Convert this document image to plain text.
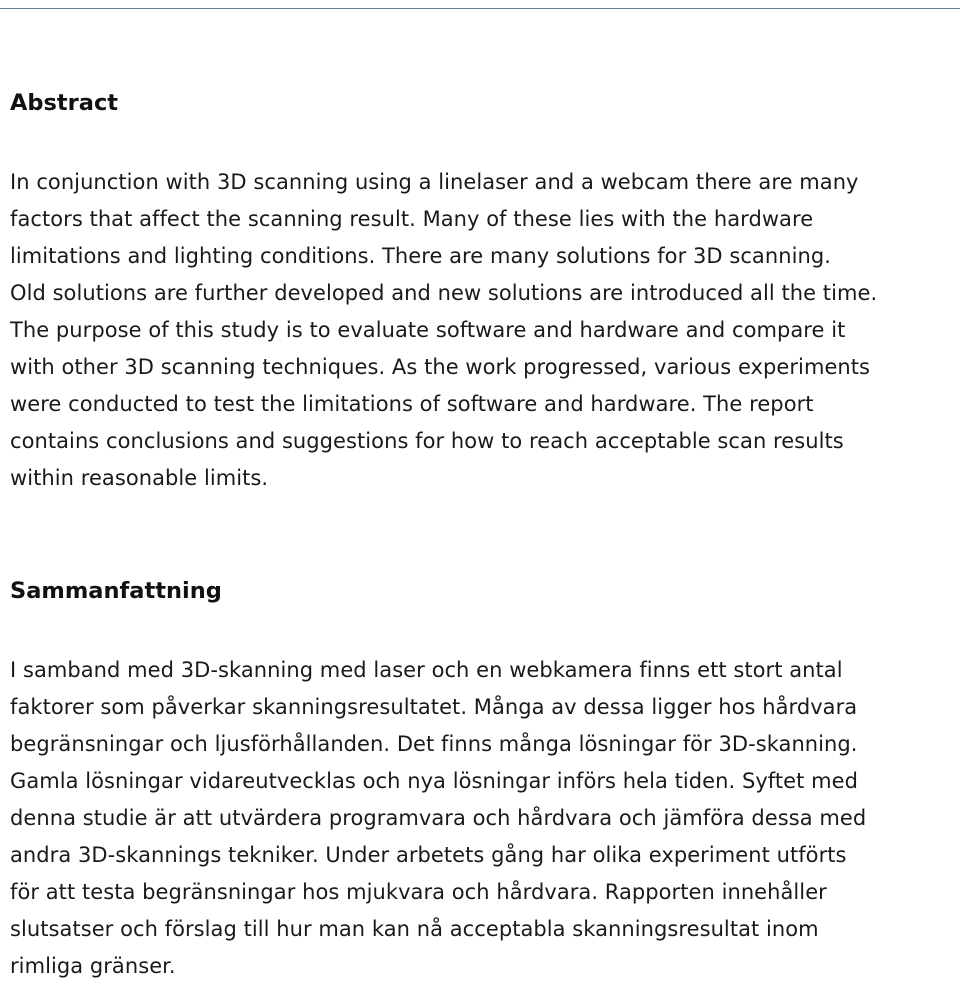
Abstract

In conjunction with 3D scanning using a linelaser and a webcam there are many
factors that affect the scanning result. Many of these lies with the hardware
limitations and lighting conditions. There are many solutions for 3D scanning.
Old solutions are further developed and new solutions are introduced all the time.
The purpose of this study is to evaluate software and hardware and compare it
with other 3D scanning techniques. As the work progressed, various experiments
were conducted to test the limitations of software and hardware. The report
contains conclusions and suggestions for how to reach acceptable scan results
within reasonable limits.

Sammanfattning

I samband med 3D-skanning med laser och en webkamera finns ett stort antal
faktorer som påverkar skanningsresultatet. Många av dessa ligger hos hårdvara
begränsningar och ljusförhållanden. Det finns många lösningar för 3D-skanning.
Gamla lösningar vidareutvecklas och nya lösningar införs hela tiden. Syftet med
denna studie är att utvärdera programvara och hårdvara och jämföra dessa med
andra 3D-skannings tekniker. Under arbetets gång har olika experiment utförts
för att testa begränsningar hos mjukvara och hårdvara. Rapporten innehåller
slutsatser och förslag till hur man kan nå acceptabla skanningsresultat inom
rimliga gränser.
